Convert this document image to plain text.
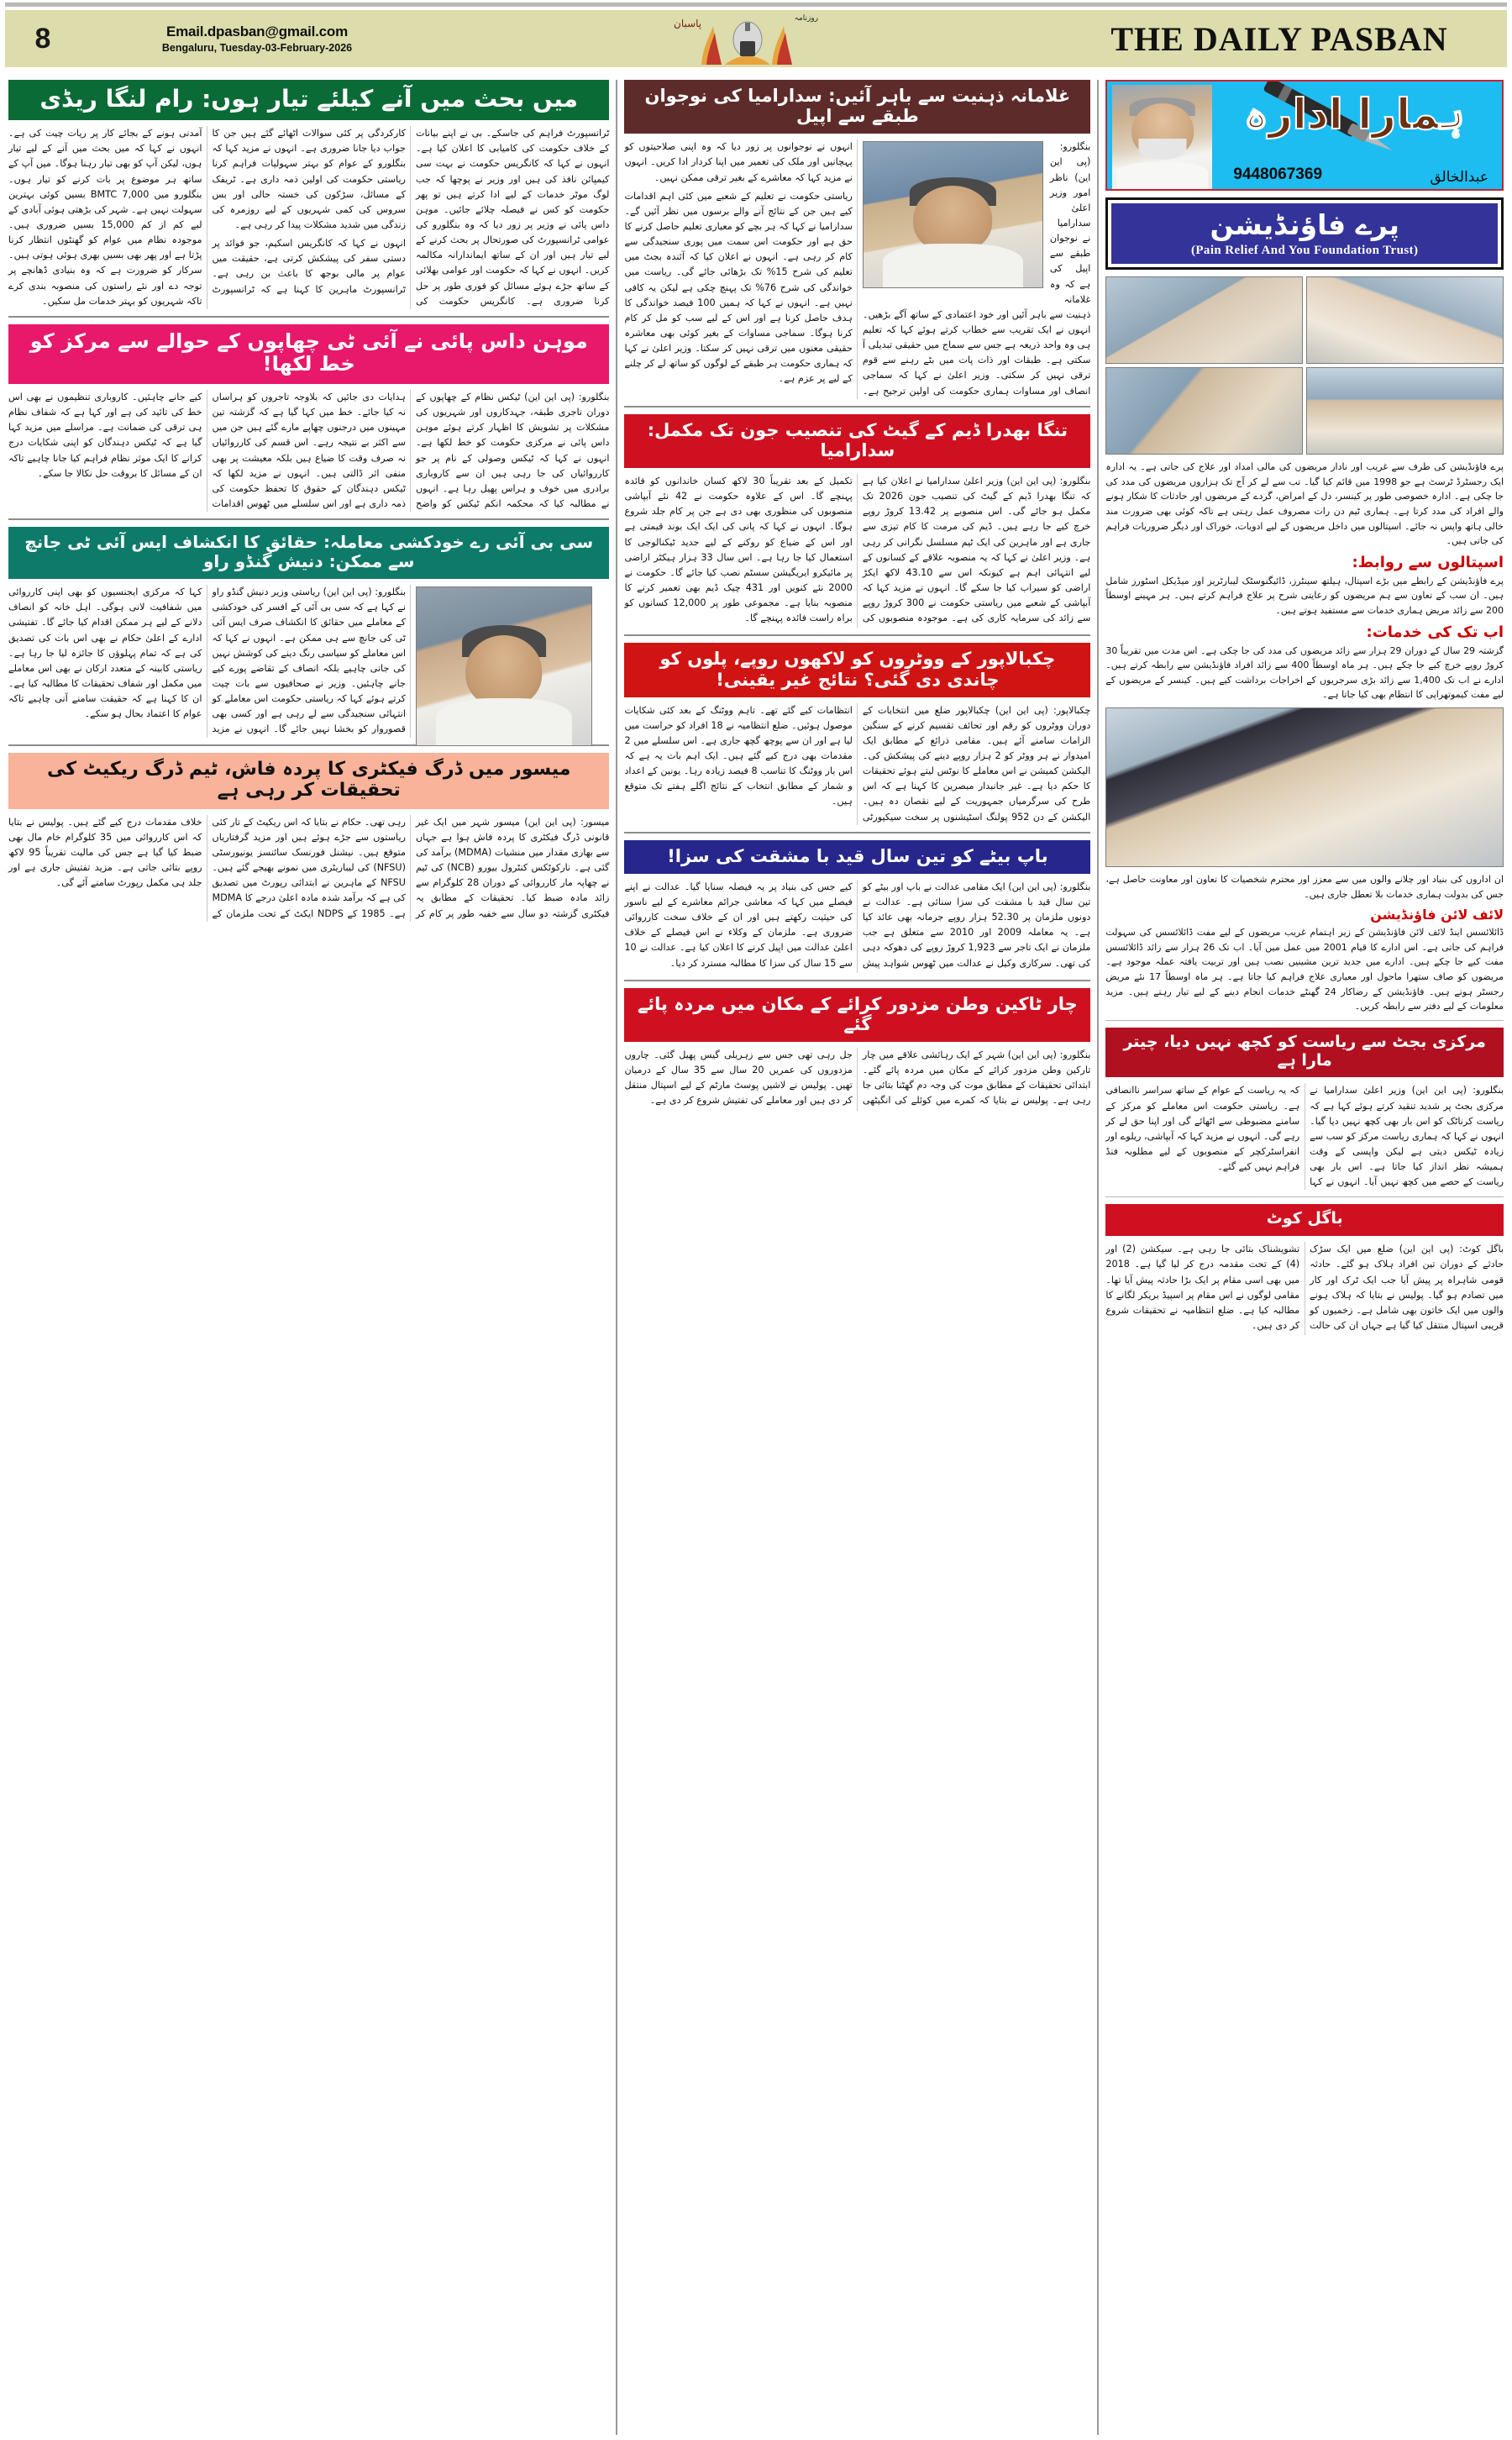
8	Email.dpasban@gmail.com
Bengaluru, Tuesday-03-February-2026
روزنامہ
پاسبان	THE DAILY PASBAN
میں بحث میں آنے کیلئے تیار ہوں: رام لنگا ریڈی

ٹرانسپورٹ فراہم کی جاسکے۔ بی نے اپنے بیانات کے خلاف حکومت کی کامیابی کا اعلان کیا ہے۔ انہوں نے کہا کہ کانگریس حکومت نے بہت سی کیمپائن نافذ کی ہیں اور وزیر نے پوچھا کہ جب لوگ موٹر خدمات کے لیے ادا کرتے ہیں تو پھر حکومت کو کس نے فیصلہ چلائے جائیں۔ موہن داس پائی نے وزیر پر زور دیا کہ وہ بنگلورو کی عوامی ٹرانسپورٹ کی صورتحال پر بحث کرنے کے لیے تیار ہیں اور ان کے ساتھ ایماندارانہ مکالمہ کریں۔ انہوں نے کہا کہ حکومت اور عوامی بھلائی کے ساتھ جڑے ہوئے مسائل کو فوری طور پر حل کرنا ضروری ہے۔ کانگریس حکومت کی کارکردگی پر کئی سوالات اٹھائے گئے ہیں جن کا جواب دیا جانا ضروری ہے۔ انہوں نے مزید کہا کہ بنگلورو کے عوام کو بہتر سہولیات فراہم کرنا ریاستی حکومت کی اولین ذمہ داری ہے۔ ٹریفک کے مسائل، سڑکوں کی خستہ حالی اور بس سروس کی کمی شہریوں کے لیے روزمرہ کی زندگی میں شدید مشکلات پیدا کر رہی ہے۔

انہوں نے کہا کہ کانگریس اسکیم، جو فوائد پر دستی سفر کی پیشکش کرتی ہے، حقیقت میں عوام پر مالی بوجھ کا باعث بن رہی ہے۔ ٹرانسپورٹ ماہرین کا کہنا ہے کہ ٹرانسپورٹ آمدنی ہونے کے بجائے کار پر ریات چیت کی ہے۔ انہوں نے کہا کہ میں بحث میں آنے کے لیے تیار ہوں، لیکن آپ کو بھی تیار رہنا ہوگا۔ میں آپ کے ساتھ ہر موضوع پر بات کرنے کو تیار ہوں۔ بنگلورو میں BMTC 7,000 بسیں کوئی بہترین سہولت نہیں ہے۔ شہر کی بڑھتی ہوئی آبادی کے لیے کم از کم 15,000 بسیں ضروری ہیں۔ موجودہ نظام میں عوام کو گھنٹوں انتظار کرنا پڑتا ہے اور پھر بھی بسیں بھری ہوئی ہوتی ہیں۔ سرکار کو ضرورت ہے کہ وہ بنیادی ڈھانچے پر توجہ دے اور نئے راستوں کی منصوبہ بندی کرے تاکہ شہریوں کو بہتر خدمات مل سکیں۔

موہن داس پائی نے آئی ٹی چھاپوں کے حوالے سے مرکز کو خط لکھا!

بنگلورو: (پی این این) ٹیکس نظام کے چھاپوں کے دوران تاجری طبقہ، جہدکاروں اور شہریوں کی مشکلات پر تشویش کا اظہار کرتے ہوئے موہن داس پائی نے مرکزی حکومت کو خط لکھا ہے۔ انہوں نے کہا کہ ٹیکس وصولی کے نام پر جو کارروائیاں کی جا رہی ہیں ان سے کاروباری برادری میں خوف و ہراس پھیل رہا ہے۔ انہوں نے مطالبہ کیا کہ محکمہ انکم ٹیکس کو واضح ہدایات دی جائیں کہ بلاوجہ تاجروں کو ہراساں نہ کیا جائے۔ خط میں کہا گیا ہے کہ گزشتہ تین مہینوں میں درجنوں چھاپے مارے گئے ہیں جن میں سے اکثر بے نتیجہ رہے۔ اس قسم کی کارروائیاں نہ صرف وقت کا ضیاع ہیں بلکہ معیشت پر بھی منفی اثر ڈالتی ہیں۔ انہوں نے مزید لکھا کہ ٹیکس دہندگان کے حقوق کا تحفظ حکومت کی ذمہ داری ہے اور اس سلسلے میں ٹھوس اقدامات کیے جانے چاہئیں۔ کاروباری تنظیموں نے بھی اس خط کی تائید کی ہے اور کہا ہے کہ شفاف نظام ہی ترقی کی ضمانت ہے۔ مراسلے میں مزید کہا گیا ہے کہ ٹیکس دہندگان کو اپنی شکایات درج کرانے کا ایک موثر نظام فراہم کیا جانا چاہیے تاکہ ان کے مسائل کا بروقت حل نکالا جا سکے۔

سی بی آئی رے خودکشی معاملہ: حقائق کا انکشاف ایس آئی ٹی جانچ سے ممکن: دنیش گنڈو راو

بنگلورو: (پی این این) ریاستی وزیر دنیش گنڈو راو نے کہا ہے کہ سی بی آئی کے افسر کی خودکشی کے معاملے میں حقائق کا انکشاف صرف ایس آئی ٹی کی جانچ سے ہی ممکن ہے۔ انہوں نے کہا کہ اس معاملے کو سیاسی رنگ دینے کی کوشش نہیں کی جانی چاہیے بلکہ انصاف کے تقاضے پورے کیے جانے چاہئیں۔ وزیر نے صحافیوں سے بات چیت کرتے ہوئے کہا کہ ریاستی حکومت اس معاملے کو انتہائی سنجیدگی سے لے رہی ہے اور کسی بھی قصوروار کو بخشا نہیں جائے گا۔ انہوں نے مزید کہا کہ مرکزی ایجنسیوں کو بھی اپنی کارروائی میں شفافیت لانی ہوگی۔ اہل خانہ کو انصاف دلانے کے لیے ہر ممکن اقدام کیا جائے گا۔ تفتیشی ادارے کے اعلیٰ حکام نے بھی اس بات کی تصدیق کی ہے کہ تمام پہلوؤں کا جائزہ لیا جا رہا ہے۔ ریاستی کابینہ کے متعدد ارکان نے بھی اس معاملے میں مکمل اور شفاف تحقیقات کا مطالبہ کیا ہے۔ ان کا کہنا ہے کہ حقیقت سامنے آنی چاہیے تاکہ عوام کا اعتماد بحال ہو سکے۔

میسور میں ڈرگ فیکٹری کا پردہ فاش، ٹیم ڈرگ ریکیٹ کی تحقیقات کر رہی ہے

میسور: (پی این این) میسور شہر میں ایک غیر قانونی ڈرگ فیکٹری کا پردہ فاش ہوا ہے جہاں سے بھاری مقدار میں منشیات (MDMA) برآمد کی گئی ہے۔ نارکوٹکس کنٹرول بیورو (NCB) کی ٹیم نے چھاپہ مار کارروائی کے دوران 28 کلوگرام سے زائد مادہ ضبط کیا۔ تحقیقات کے مطابق یہ فیکٹری گزشتہ دو سال سے خفیہ طور پر کام کر رہی تھی۔ حکام نے بتایا کہ اس ریکیٹ کے تار کئی ریاستوں سے جڑے ہوئے ہیں اور مزید گرفتاریاں متوقع ہیں۔ نیشنل فورنسک سائنسز یونیورسٹی (NFSU) کی لیباریٹری میں نمونے بھیجے گئے ہیں۔ NFSU کے ماہرین نے ابتدائی رپورٹ میں تصدیق کی ہے کہ برآمد شدہ مادہ اعلیٰ درجے کا MDMA ہے۔ 1985 کے NDPS ایکٹ کے تحت ملزمان کے خلاف مقدمات درج کیے گئے ہیں۔ پولیس نے بتایا کہ اس کارروائی میں 35 کلوگرام خام مال بھی ضبط کیا گیا ہے جس کی مالیت تقریباً 95 لاکھ روپے بتائی جاتی ہے۔ مزید تفتیش جاری ہے اور جلد ہی مکمل رپورٹ سامنے آئے گی۔

غلامانہ ذہنیت سے باہر آئیں: سدارامیا کی نوجوان طبقے سے اپیل

بنگلورو: (پی این این) ناظر امور وزیر اعلیٰ سدارامیا نے نوجوان طبقے سے اپیل کی ہے کہ وہ غلامانہ ذہنیت سے باہر آئیں اور خود اعتمادی کے ساتھ آگے بڑھیں۔ انہوں نے ایک تقریب سے خطاب کرتے ہوئے کہا کہ تعلیم ہی وہ واحد ذریعہ ہے جس سے سماج میں حقیقی تبدیلی آ سکتی ہے۔ طبقات اور ذات پات میں بٹے رہنے سے قوم ترقی نہیں کر سکتی۔ وزیر اعلیٰ نے کہا کہ سماجی انصاف اور مساوات ہماری حکومت کی اولین ترجیح ہے۔ انہوں نے نوجوانوں پر زور دیا کہ وہ اپنی صلاحیتوں کو پہچانیں اور ملک کی تعمیر میں اپنا کردار ادا کریں۔ انہوں نے مزید کہا کہ معاشرے کے بغیر ترقی ممکن نہیں۔

ریاستی حکومت نے تعلیم کے شعبے میں کئی اہم اقدامات کیے ہیں جن کے نتائج آنے والے برسوں میں نظر آئیں گے۔ سدارامیا نے کہا کہ ہر بچے کو معیاری تعلیم حاصل کرنے کا حق ہے اور حکومت اس سمت میں پوری سنجیدگی سے کام کر رہی ہے۔ انہوں نے اعلان کیا کہ آئندہ بجٹ میں تعلیم کی شرح 15% تک بڑھائی جائے گی۔ ریاست میں خواندگی کی شرح 76% تک پہنچ چکی ہے لیکن یہ کافی نہیں ہے۔ انہوں نے کہا کہ ہمیں 100 فیصد خواندگی کا ہدف حاصل کرنا ہے اور اس کے لیے سب کو مل کر کام کرنا ہوگا۔ سماجی مساوات کے بغیر کوئی بھی معاشرہ حقیقی معنوں میں ترقی نہیں کر سکتا۔ وزیر اعلیٰ نے کہا کہ ہماری حکومت ہر طبقے کے لوگوں کو ساتھ لے کر چلنے کے لیے پر عزم ہے۔

تنگا بھدرا ڈیم کے گیٹ کی تنصیب جون تک مکمل: سدارامیا

بنگلورو: (پی این این) وزیر اعلیٰ سدارامیا نے اعلان کیا ہے کہ تنگا بھدرا ڈیم کے گیٹ کی تنصیب جون 2026 تک مکمل ہو جائے گی۔ اس منصوبے پر 13.42 کروڑ روپے خرچ کیے جا رہے ہیں۔ ڈیم کی مرمت کا کام تیزی سے جاری ہے اور ماہرین کی ایک ٹیم مسلسل نگرانی کر رہی ہے۔ وزیر اعلیٰ نے کہا کہ یہ منصوبہ علاقے کے کسانوں کے لیے انتہائی اہم ہے کیونکہ اس سے 43.10 لاکھ ایکڑ اراضی کو سیراب کیا جا سکے گا۔ انہوں نے مزید کہا کہ آبپاشی کے شعبے میں ریاستی حکومت نے 300 کروڑ روپے سے زائد کی سرمایہ کاری کی ہے۔ موجودہ منصوبوں کی تکمیل کے بعد تقریباً 30 لاکھ کسان خاندانوں کو فائدہ پہنچے گا۔ اس کے علاوہ حکومت نے 42 نئے آبپاشی منصوبوں کی منظوری بھی دی ہے جن پر کام جلد شروع ہوگا۔ انہوں نے کہا کہ پانی کی ایک ایک بوند قیمتی ہے اور اس کے ضیاع کو روکنے کے لیے جدید ٹیکنالوجی کا استعمال کیا جا رہا ہے۔ اس سال 33 ہزار ہیکٹر اراضی پر مائیکرو ایریگیشن سسٹم نصب کیا جائے گا۔ حکومت نے 2000 نئے کنویں اور 431 چیک ڈیم بھی تعمیر کرنے کا منصوبہ بنایا ہے۔ مجموعی طور پر 12,000 کسانوں کو براہ راست فائدہ پہنچے گا۔

چکبالاپور کے ووٹروں کو لاکھوں روپے، پلوں کو چاندی دی گئی؟ نتائج غیر یقینی!

چکبالاپور: (پی این این) چکبالاپور ضلع میں انتخابات کے دوران ووٹروں کو رقم اور تحائف تقسیم کرنے کے سنگین الزامات سامنے آئے ہیں۔ مقامی ذرائع کے مطابق ایک امیدوار نے ہر ووٹر کو 2 ہزار روپے دینے کی پیشکش کی۔ الیکشن کمیشن نے اس معاملے کا نوٹس لیتے ہوئے تحقیقات کا حکم دیا ہے۔ غیر جانبدار مبصرین کا کہنا ہے کہ اس طرح کی سرگرمیاں جمہوریت کے لیے نقصان دہ ہیں۔ الیکشن کے دن 952 پولنگ اسٹیشنوں پر سخت سیکیورٹی انتظامات کیے گئے تھے۔ تاہم ووٹنگ کے بعد کئی شکایات موصول ہوئیں۔ ضلع انتظامیہ نے 18 افراد کو حراست میں لیا ہے اور ان سے پوچھ گچھ جاری ہے۔ اس سلسلے میں 2 مقدمات بھی درج کیے گئے ہیں۔ ایک اہم بات یہ ہے کہ اس بار ووٹنگ کا تناسب 8 فیصد زیادہ رہا۔ یونین کے اعداد و شمار کے مطابق انتخاب کے نتائج اگلے ہفتے تک متوقع ہیں۔

باپ بیٹے کو تین سال قید با مشقت کی سزا!

بنگلورو: (پی این این) ایک مقامی عدالت نے باپ اور بیٹے کو تین سال قید با مشقت کی سزا سنائی ہے۔ عدالت نے دونوں ملزمان پر 52.30 ہزار روپے جرمانہ بھی عائد کیا ہے۔ یہ معاملہ 2009 اور 2010 سے متعلق ہے جب ملزمان نے ایک تاجر سے 1,923 کروڑ روپے کی دھوکہ دہی کی تھی۔ سرکاری وکیل نے عدالت میں ٹھوس شواہد پیش کیے جس کی بنیاد پر یہ فیصلہ سنایا گیا۔ عدالت نے اپنے فیصلے میں کہا کہ معاشی جرائم معاشرے کے لیے ناسور کی حیثیت رکھتے ہیں اور ان کے خلاف سخت کارروائی ضروری ہے۔ ملزمان کے وکلاء نے اس فیصلے کے خلاف اعلیٰ عدالت میں اپیل کرنے کا اعلان کیا ہے۔ عدالت نے 10 سے 15 سال کی سزا کا مطالبہ مسترد کر دیا۔

چار ٹاکین وطن مزدور کرائے کے مکان میں مردہ پائے گئے

بنگلورو: (پی این این) شہر کے ایک رہائشی علاقے میں چار تارکین وطن مزدور کرائے کے مکان میں مردہ پائے گئے۔ ابتدائی تحقیقات کے مطابق موت کی وجہ دم گھٹنا بتائی جا رہی ہے۔ پولیس نے بتایا کہ کمرے میں کوئلے کی انگیٹھی جل رہی تھی جس سے زہریلی گیس پھیل گئی۔ چاروں مزدوروں کی عمریں 20 سال سے 35 سال کے درمیان تھیں۔ پولیس نے لاشیں پوسٹ مارٹم کے لیے اسپتال منتقل کر دی ہیں اور معاملے کی تفتیش شروع کر دی ہے۔

ہمارا ادارہ
9448067369	عبدالخالق
پرے فاؤنڈیشن
(Pain Relief And You Foundation Trust)
پرے فاؤنڈیشن کی طرف سے غریب اور نادار مریضوں کی مالی امداد اور علاج کی جاتی ہے۔ یہ ادارہ ایک رجسٹرڈ ٹرسٹ ہے جو 1998 میں قائم کیا گیا۔ تب سے لے کر آج تک ہزاروں مریضوں کی مدد کی جا چکی ہے۔ ادارہ خصوصی طور پر کینسر، دل کے امراض، گردے کے مریضوں اور حادثات کا شکار ہونے والے افراد کی مدد کرتا ہے۔ ہماری ٹیم دن رات مصروف عمل رہتی ہے تاکہ کوئی بھی ضرورت مند خالی ہاتھ واپس نہ جائے۔ اسپتالوں میں داخل مریضوں کے لیے ادویات، خوراک اور دیگر ضروریات فراہم کی جاتی ہیں۔
اسپتالوں سے روابط:
پرے فاؤنڈیشن کے رابطے میں بڑے اسپتال، ہیلتھ سینٹرز، ڈائیگنوسٹک لیبارٹریز اور میڈیکل اسٹورز شامل ہیں۔ ان سب کے تعاون سے ہم مریضوں کو رعایتی شرح پر علاج فراہم کرتے ہیں۔ ہر مہینے اوسطاً 200 سے زائد مریض ہماری خدمات سے مستفید ہوتے ہیں۔
اب تک کی خدمات:
گزشتہ 29 سال کے دوران 29 ہزار سے زائد مریضوں کی مدد کی جا چکی ہے۔ اس مدت میں تقریباً 30 کروڑ روپے خرچ کیے جا چکے ہیں۔ ہر ماہ اوسطاً 400 سے زائد افراد فاؤنڈیشن سے رابطہ کرتے ہیں۔ ادارے نے اب تک 1,400 سے زائد بڑی سرجریوں کے اخراجات برداشت کیے ہیں۔ کینسر کے مریضوں کے لیے مفت کیموتھراپی کا انتظام بھی کیا جاتا ہے۔
ان اداروں کی بنیاد اور چلانے والوں میں سے معزز اور محترم شخصیات کا تعاون اور معاونت حاصل ہے، جس کی بدولت ہماری خدمات بلا تعطل جاری ہیں۔
لائف لائن فاؤنڈیشن
ڈائلائسس اینڈ لائف لائن فاؤنڈیشن کے زیر اہتمام غریب مریضوں کے لیے مفت ڈائلائسس کی سہولت فراہم کی جاتی ہے۔ اس ادارے کا قیام 2001 میں عمل میں آیا۔ اب تک 26 ہزار سے زائد ڈائلائسس مفت کیے جا چکے ہیں۔ ادارے میں جدید ترین مشینیں نصب ہیں اور تربیت یافتہ عملہ موجود ہے۔ مریضوں کو صاف ستھرا ماحول اور معیاری علاج فراہم کیا جاتا ہے۔ ہر ماہ اوسطاً 17 نئے مریض رجسٹر ہوتے ہیں۔ فاؤنڈیشن کے رضاکار 24 گھنٹے خدمات انجام دینے کے لیے تیار رہتے ہیں۔ مزید معلومات کے لیے دفتر سے رابطہ کریں۔
مرکزی بجٹ سے ریاست کو کچھ نہیں دیا، چیتر مارا ہے

بنگلورو: (پی این این) وزیر اعلیٰ سدارامیا نے مرکزی بجٹ پر شدید تنقید کرتے ہوئے کہا ہے کہ ریاست کرناٹک کو اس بار بھی کچھ نہیں دیا گیا۔ انہوں نے کہا کہ ہماری ریاست مرکز کو سب سے زیادہ ٹیکس دیتی ہے لیکن واپسی کے وقت ہمیشہ نظر انداز کیا جاتا ہے۔ اس بار بھی ریاست کے حصے میں کچھ نہیں آیا۔ انہوں نے کہا کہ یہ ریاست کے عوام کے ساتھ سراسر ناانصافی ہے۔ ریاستی حکومت اس معاملے کو مرکز کے سامنے مضبوطی سے اٹھائے گی اور اپنا حق لے کر رہے گی۔ انہوں نے مزید کہا کہ آبپاشی، ریلوے اور انفراسٹرکچر کے منصوبوں کے لیے مطلوبہ فنڈ فراہم نہیں کیے گئے۔

باگل کوٹ

باگل کوٹ: (پی این این) ضلع میں ایک سڑک حادثے کے دوران تین افراد ہلاک ہو گئے۔ حادثہ قومی شاہراہ پر پیش آیا جب ایک ٹرک اور کار میں تصادم ہو گیا۔ پولیس نے بتایا کہ ہلاک ہونے والوں میں ایک خاتون بھی شامل ہے۔ زخمیوں کو قریبی اسپتال منتقل کیا گیا ہے جہاں ان کی حالت تشویشناک بتائی جا رہی ہے۔ سیکشن (2) اور (4) کے تحت مقدمہ درج کر لیا گیا ہے۔ 2018 میں بھی اسی مقام پر ایک بڑا حادثہ پیش آیا تھا۔ مقامی لوگوں نے اس مقام پر اسپیڈ بریکر لگانے کا مطالبہ کیا ہے۔ ضلع انتظامیہ نے تحقیقات شروع کر دی ہیں۔
